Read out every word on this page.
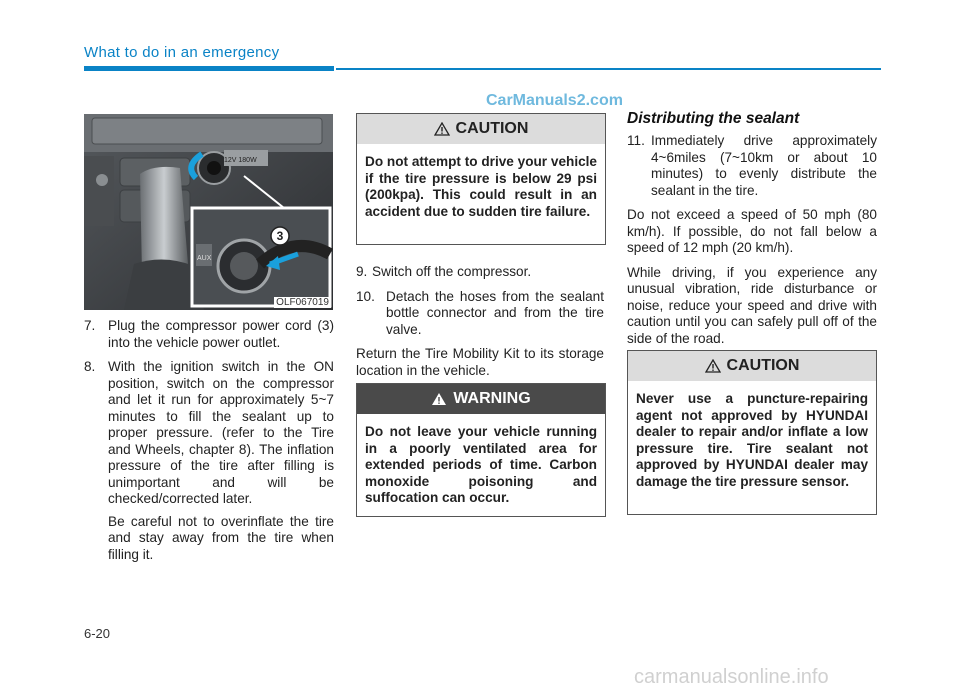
What to do in an emergency
CarManuals2.com
3
12V 180W
AUX
OLF067019
7. Plug the compressor power cord (3) into the vehicle power outlet.

8. With the ignition switch in the ON position, switch on the compressor and let it run for approximately 5~7 minutes to fill the sealant up to proper pressure. (refer to the Tire and Wheels, chapter 8). The inflation pressure of the tire after filling is unimportant and will be checked/corrected later.

Be careful not to overinflate the tire and stay away from the tire when filling it.

CAUTION
Do not attempt to drive your vehicle if the tire pressure is below 29 psi (200kpa). This could result in an accident due to sudden tire failure.
9. Switch off the compressor.

10. Detach the hoses from the sealant bottle connector and from the tire valve.

Return the Tire Mobility Kit to its storage location in the vehicle.

WARNING
Do not leave your vehicle running in a poorly ventilated area for extended periods of time. Carbon monoxide poisoning and suffocation can occur.
Distributing the sealant
11. Immediately drive approximately 4~6miles (7~10km or about 10 minutes) to evenly distribute the sealant in the tire.

Do not exceed a speed of 50 mph (80 km/h). If possible, do not fall below a speed of 12 mph (20 km/h).

While driving, if you experience any unusual vibration, ride disturbance or noise, reduce your speed and drive with caution until you can safely pull off of the side of the road.

CAUTION
Never use a puncture-repairing agent not approved by HYUNDAI dealer to repair and/or inflate a low pressure tire. Tire sealant not approved by HYUNDAI dealer may damage the tire pressure sensor.
6-20
carmanualsonline.info
